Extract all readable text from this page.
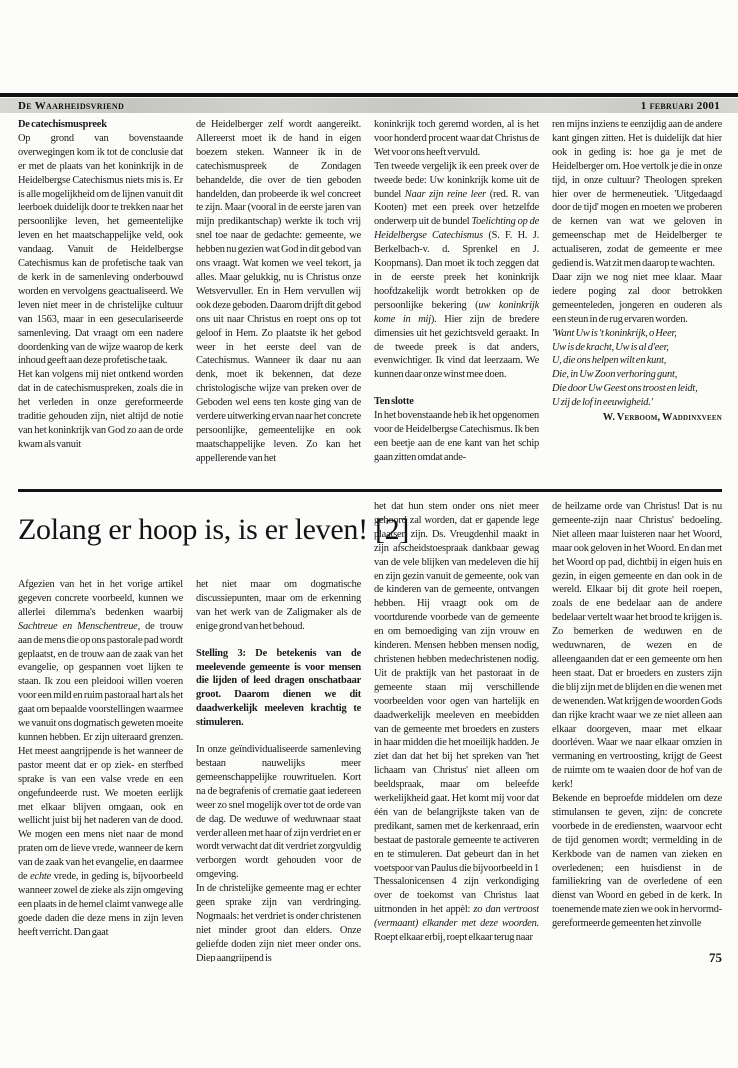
De Waarheidsvriend	1 februari 2001
De catechismuspreek

Op grond van bovenstaande overwegingen kom ik tot de conclusie dat er met de plaats van het koninkrijk in de Heidelbergse Catechismus niets mis is. Er is alle mogelijkheid om de lijnen vanuit dit leerboek duidelijk door te trekken naar het persoonlijke leven, het gemeentelijke leven en het maatschappelijke veld, ook vandaag. Vanuit de Heidelbergse Catechismus kan de profetische taak van de kerk in de samenleving onderbouwd worden en vervolgens geactualiseerd. We leven niet meer in de christelijke cultuur van 1563, maar in een geseculariseerde samenleving. Dat vraagt om een nadere doordenking van de wijze waarop de kerk inhoud geeft aan deze profetische taak.

Het kan volgens mij niet ontkend worden dat in de catechismuspreken, zoals die in het verleden in onze gereformeerde traditie gehouden zijn, niet altijd de notie van het koninkrijk van God zo aan de orde kwam als vanuit

de Heidelberger zelf wordt aangereikt. Allereerst moet ik de hand in eigen boezem steken. Wanneer ik in de catechismuspreek de Zondagen behandelde, die over de tien geboden handelden, dan probeerde ik wel concreet te zijn. Maar (vooral in de eerste jaren van mijn predikantschap) werkte ik toch vrij snel toe naar de gedachte: gemeente, we hebben nu gezien wat God in dit gebod van ons vraagt. Wat komen we veel tekort, ja alles. Maar gelukkig, nu is Christus onze Wetsvervuller. En in Hem vervullen wij ook deze geboden. Daarom drijft dit gebod ons uit naar Christus en roept ons op tot geloof in Hem. Zo plaatste ik het gebod weer in het eerste deel van de Catechismus. Wanneer ik daar nu aan denk, moet ik bekennen, dat deze christologische wijze van preken over de Geboden wel eens ten koste ging van de verdere uitwerking ervan naar het concrete persoonlijke, gemeentelijke en ook maatschappelijke leven. Zo kan het appellerende van het

koninkrijk toch geremd worden, al is het voor honderd procent waar dat Christus de Wet voor ons heeft vervuld.

Ten tweede vergelijk ik een preek over de tweede bede: Uw koninkrijk kome uit de bundel Naar zijn reine leer (red. R. van Kooten) met een preek over hetzelfde onderwerp uit de bundel Toelichting op de Heidelbergse Catechismus (S. F. H. J. Berkelbach-v. d. Sprenkel en J. Koopmans). Dan moet ik toch zeggen dat in de eerste preek het koninkrijk hoofdzakelijk wordt betrokken op de persoonlijke bekering (uw koninkrijk kome in mij). Hier zijn de bredere dimensies uit het gezichtsveld geraakt. In de tweede preek is dat anders, evenwichtiger. Ik vind dat leerzaam. We kunnen daar onze winst mee doen.

Ten slotte

In het bovenstaande heb ik het opgenomen voor de Heidelbergse Catechismus. Ik ben een beetje aan de ene kant van het schip gaan zitten omdat ande-

ren mijns inziens te eenzijdig aan de andere kant gingen zitten. Het is duidelijk dat hier ook in geding is: hoe ga je met de Heidelberger om. Hoe vertolk je die in onze tijd, in onze cultuur? Theologen spreken hier over de hermeneutiek. 'Uitgedaagd door de tijd' mogen en moeten we proberen de kernen van wat we geloven in gemeenschap met de Heidelberger te actualiseren, zodat de gemeente er mee gediend is. Wat zit men daarop te wachten.

Daar zijn we nog niet mee klaar. Maar iedere poging zal door betrokken gemeenteleden, jongeren en ouderen als een steun in de rug ervaren worden.

'Want Uw is 't koninkrijk, o Heer,
Uw is de kracht, Uw is al d'eer,
U, die ons helpen wilt en kunt,
Die, in Uw Zoon verhoring gunt,
Die door Uw Geest ons troost en leidt,
U zij de lof in eeuwigheid.'
W. Verboom, Waddinxveen
Zolang er hoop is, is er leven! [2]

Afgezien van het in het vorige artikel gegeven concrete voorbeeld, kunnen we allerlei dilemma's bedenken waarbij Sachtreue en Menschentreue, de trouw aan de mens die op ons pastorale pad wordt geplaatst, en de trouw aan de zaak van het evangelie, op gespannen voet lijken te staan. Ik zou een pleidooi willen voeren voor een mild en ruim pastoraal hart als het gaat om bepaalde voorstellingen waarmee we vanuit ons dogmatisch geweten moeite kunnen hebben. Er zijn uiteraard grenzen. Het meest aangrijpende is het wanneer de pastor meent dat er op ziek- en sterfbed sprake is van een valse vrede en een ongefundeerde rust. We moeten eerlijk met elkaar blijven omgaan, ook en wellicht juist bij het naderen van de dood. We mogen een mens niet naar de mond praten om de lieve vrede, wanneer de kern van de zaak van het evangelie, en daarmee de echte vrede, in geding is, bijvoorbeeld wanneer zowel de zieke als zijn omgeving een plaats in de hemel claimt vanwege alle goede daden die deze mens in zijn leven heeft verricht. Dan gaat

het niet maar om dogmatische discussiepunten, maar om de erkenning van het werk van de Zaligmaker als de enige grond van het behoud.

Stelling 3: De betekenis van de meelevende gemeente is voor mensen die lijden of leed dragen onschatbaar groot. Daarom dienen we dit daadwerkelijk meeleven krachtig te stimuleren.

In onze geïndividualiseerde samenleving bestaan nauwelijks meer gemeenschappelijke rouwrituelen. Kort na de begrafenis of crematie gaat iedereen weer zo snel mogelijk over tot de orde van de dag. De weduwe of weduwnaar staat verder alleen met haar of zijn verdriet en er wordt verwacht dat dit verdriet zorgvuldig verborgen wordt gehouden voor de omgeving.

In de christelijke gemeente mag er echter geen sprake zijn van verdringing. Nogmaals: het verdriet is onder christenen niet minder groot dan elders. Onze geliefde doden zijn niet meer onder ons. Diep aangrijpend is

het dat hun stem onder ons niet meer gehoord zal worden, dat er gapende lege plaatsen zijn. Ds. Vreugdenhil maakt in zijn afscheidstoespraak dankbaar gewag van de vele blijken van medeleven die hij en zijn gezin vanuit de gemeente, ook van de kinderen van de gemeente, ontvangen hebben. Hij vraagt ook om de voortdurende voorbede van de gemeente en om bemoediging van zijn vrouw en kinderen. Mensen hebben mensen nodig, christenen hebben medechristenen nodig. Uit de praktijk van het pastoraat in de gemeente staan mij verschillende voorbeelden voor ogen van hartelijk en daadwerkelijk meeleven en meebidden van de gemeente met broeders en zusters in haar midden die het moeilijk hadden. Je ziet dan dat het bij het spreken van 'het lichaam van Christus' niet alleen om beeldspraak, maar om beleefde werkelijkheid gaat. Het komt mij voor dat één van de belangrijkste taken van de predikant, samen met de kerkenraad, erin bestaat de pastorale gemeente te activeren en te stimuleren. Dat gebeurt dan in het voetspoor van Paulus die bijvoorbeeld in 1 Thessalonicensen 4 zijn verkondiging over de toekomst van Christus laat uitmonden in het appèl: zo dan vertroost (vermaant) elkander met deze woorden. Roept elkaar erbij, roept elkaar terug naar

de heilzame orde van Christus! Dat is nu gemeente-zijn naar Christus' bedoeling. Niet alleen maar luisteren naar het Woord, maar ook geloven in het Woord. En dan met het Woord op pad, dichtbij in eigen huis en gezin, in eigen gemeente en dan ook in de wereld. Elkaar bij dit grote heil roepen, zoals de ene bedelaar aan de andere bedelaar vertelt waar het brood te krijgen is. Zo bemerken de weduwen en de weduwnaren, de wezen en de alleengaanden dat er een gemeente om hen heen staat. Dat er broeders en zusters zijn die blij zijn met de blijden en die wenen met de wenenden. Wat krijgen de woorden Gods dan rijke kracht waar we ze niet alleen aan elkaar doorgeven, maar met elkaar doorléven. Waar we naar elkaar omzien in vermaning en vertroosting, krijgt de Geest de ruimte om te waaien door de hof van de kerk!

Bekende en beproefde middelen om deze stimulansen te geven, zijn: de concrete voorbede in de erediensten, waarvoor echt de tijd genomen wordt; vermelding in de Kerkbode van de namen van zieken en overledenen; een huisdienst in de familiekring van de overledene of een dienst van Woord en gebed in de kerk. In toenemende mate zien we ook in hervormd-gereformeerde gemeenten het zinvolle

75
